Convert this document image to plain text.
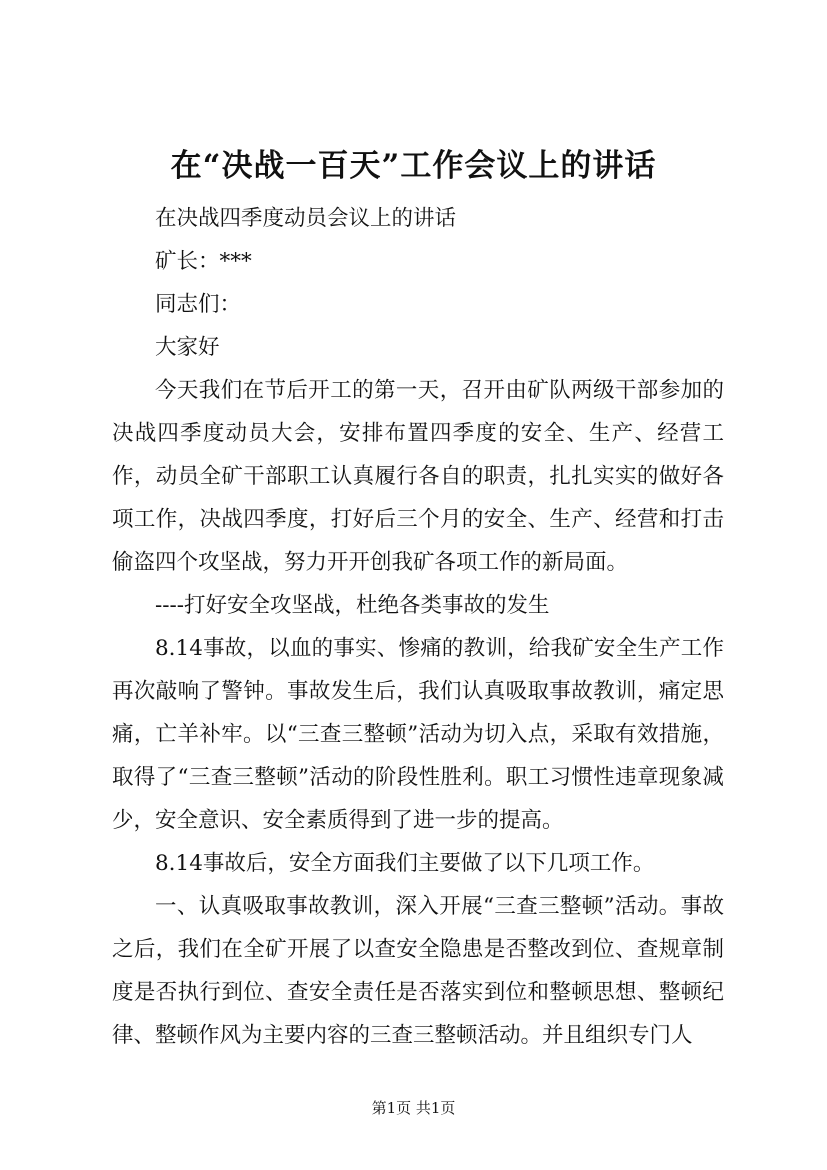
在“决战一百天”工作会议上的讲话

在决战四季度动员会议上的讲话

矿长：***

同志们：

大家好

今天我们在节后开工的第一天，召开由矿队两级干部参加的决战四季度动员大会，安排布置四季度的安全、生产、经营工作，动员全矿干部职工认真履行各自的职责，扎扎实实的做好各项工作，决战四季度，打好后三个月的安全、生产、经营和打击偷盗四个攻坚战，努力开开创我矿各项工作的新局面。

----打好安全攻坚战，杜绝各类事故的发生

8.14事故，以血的事实、惨痛的教训，给我矿安全生产工作再次敲响了警钟。事故发生后，我们认真吸取事故教训，痛定思痛，亡羊补牢。以“三查三整顿”活动为切入点，采取有效措施，取得了“三查三整顿”活动的阶段性胜利。职工习惯性违章现象减少，安全意识、安全素质得到了进一步的提高。

8.14事故后，安全方面我们主要做了以下几项工作。

一、认真吸取事故教训，深入开展“三查三整顿”活动。事故之后，我们在全矿开展了以查安全隐患是否整改到位、查规章制度是否执行到位、查安全责任是否落实到位和整顿思想、整顿纪律、整顿作风为主要内容的三查三整顿活动。并且组织专门人

第1页 共1页
